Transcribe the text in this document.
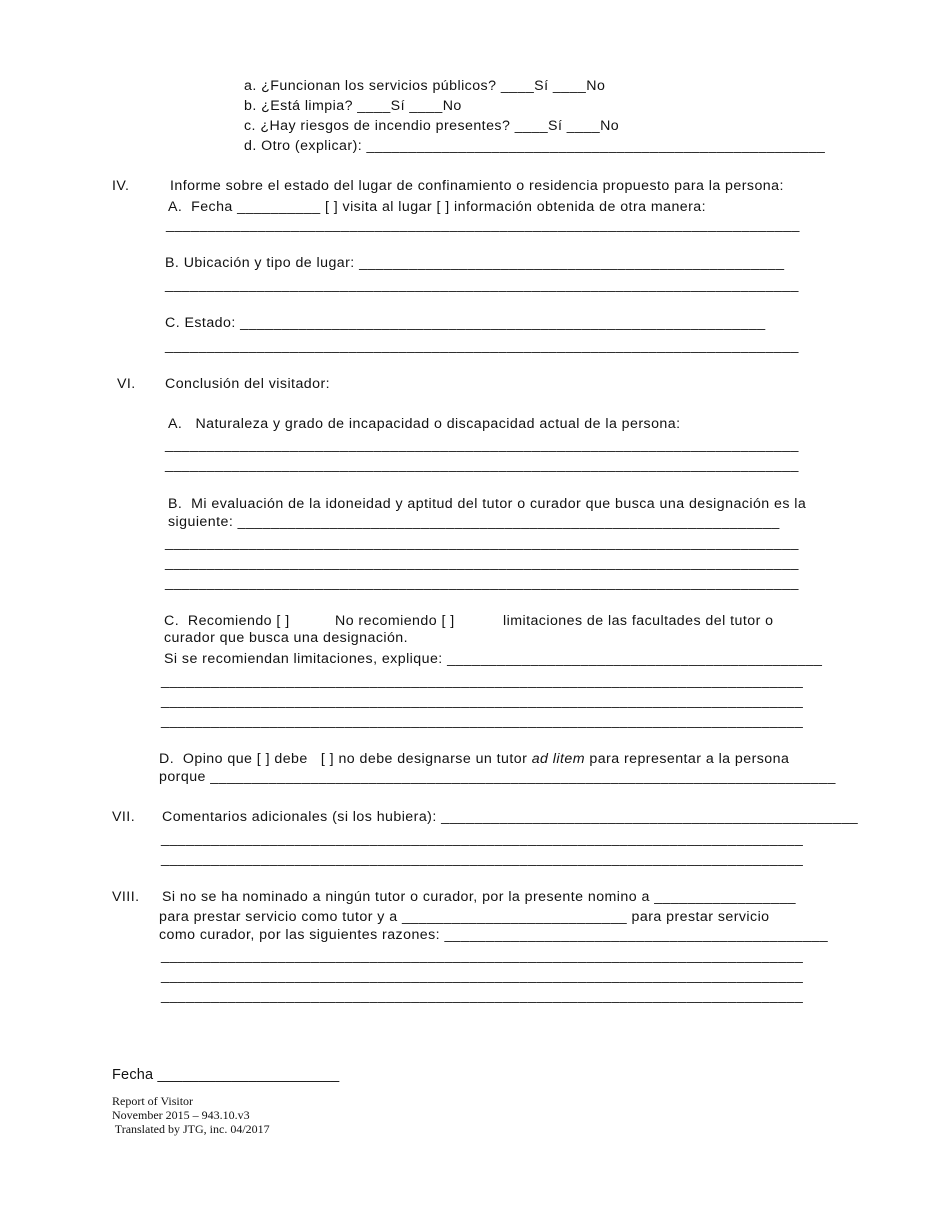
a. ¿Funcionan los servicios públicos? ____Sí ____No
b. ¿Está limpia? ____Sí ____No
c. ¿Hay riesgos de incendio presentes? ____Sí ____No
d. Otro (explicar): _______________________________________________________
IV.	Informe sobre el estado del lugar de confinamiento o residencia propuesto para la persona:
A.  Fecha __________ [ ] visita al lugar [ ] información obtenida de otra manera:
____________________________________________________________________________
B. Ubicación y tipo de lugar: ___________________________________________________
____________________________________________________________________________
C. Estado: _______________________________________________________________
____________________________________________________________________________
VI. Conclusión del visitador:
A.   Naturaleza y grado de incapacidad o discapacidad actual de la persona:
____________________________________________________________________________
____________________________________________________________________________
B.  Mi evaluación de la idoneidad y aptitud del tutor o curador que busca una designación es la
siguiente: _________________________________________________________________
____________________________________________________________________________
____________________________________________________________________________
____________________________________________________________________________
C.  Recomiendo [ ]	No recomiendo [ ]	limitaciones de las facultades del tutor o
curador que busca una designación.
Si se recomiendan limitaciones, explique: _____________________________________________
_____________________________________________________________________________
_____________________________________________________________________________
_____________________________________________________________________________
D.  Opino que [ ] debe   [ ] no debe designarse un tutor ad litem para representar a la persona
porque ___________________________________________________________________________
VII. Comentarios adicionales (si los hubiera): __________________________________________________
_____________________________________________________________________________
_____________________________________________________________________________
VIII. Si no se ha nominado a ningún tutor o curador, por la presente nomino a _________________
para prestar servicio como tutor y a ___________________________ para prestar servicio
como curador, por las siguientes razones: ______________________________________________
_____________________________________________________________________________
_____________________________________________________________________________
_____________________________________________________________________________
Fecha ______________________
Report of Visitor
November 2015 – 943.10.v3
Translated by JTG, inc. 04/2017
